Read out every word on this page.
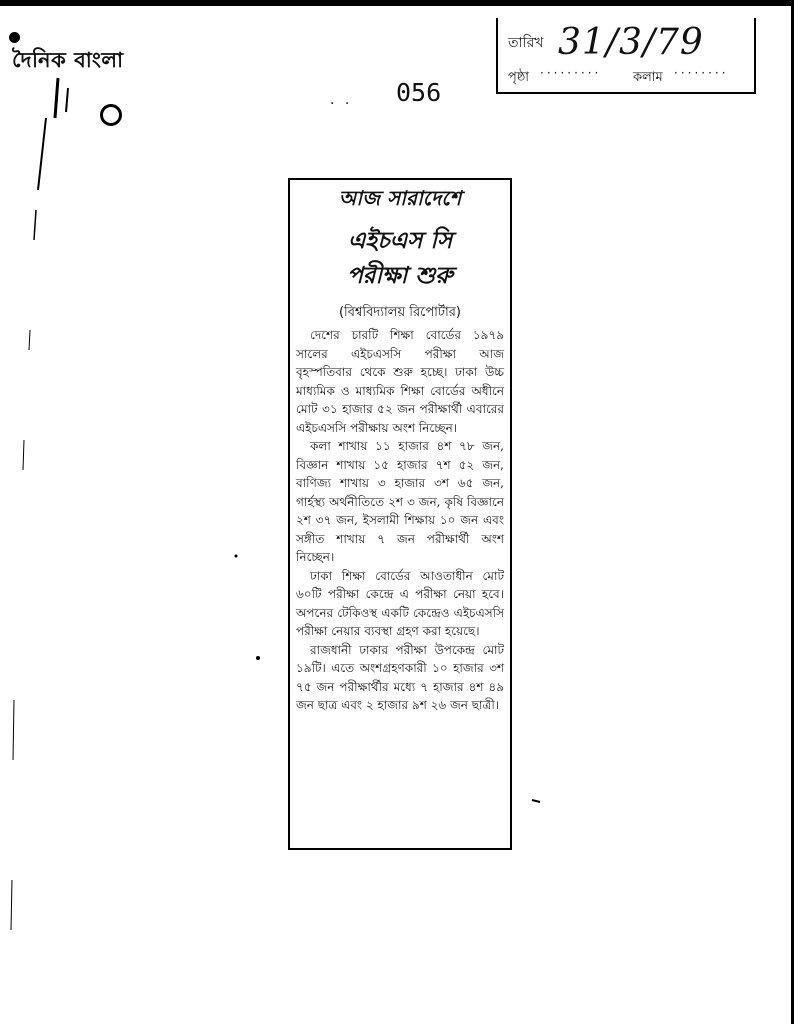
দৈনিক বাংলা
· · 056
তারিখ 31/3/79
পৃষ্ঠা ········· কলাম ········
আজ সারাদেশে
এইচএস সি
পরীক্ষা শুরু
(বিশ্ববিদ্যালয় রিপোর্টার)

দেশের চারটি শিক্ষা বোর্ডের ১৯৭৯ সালের এইচএসসি পরীক্ষা আজ বৃহস্পতিবার থেকে শুরু হচ্ছে। ঢাকা উচ্চ মাধ্যমিক ও মাধ্যমিক শিক্ষা বোর্ডের অধীনে মোট ৩১ হাজার ৫২ জন পরীক্ষার্থী এবারের এইচএসসি পরীক্ষায় অংশ নিচ্ছেন।

কলা শাখায় ১১ হাজার ৪শ ৭৮ জন, বিজ্ঞান শাখায় ১৫ হাজার ৭শ ৫২ জন, বাণিজ্য শাখায় ৩ হাজার ৩শ ৬৫ জন, গার্হস্থ্য অর্থনীতিতে ২শ ৩ জন, কৃষি বিজ্ঞানে ২শ ৩৭ জন, ইসলামী শিক্ষায় ১০ জন এবং সঙ্গীত শাখায় ৭ জন পরীক্ষার্থী অংশ নিচ্ছেন।

ঢাকা শিক্ষা বোর্ডের আওতাধীন মোট ৬০টি পরীক্ষা কেন্দ্রে এ পরীক্ষা নেয়া হবে। অপনের টেকিওস্থ একটি কেন্দ্রেও এইচএসসি পরীক্ষা নেয়ার ব্যবস্থা গ্রহণ করা হয়েছে।

রাজধানী ঢাকার পরীক্ষা উপকেন্দ্র মোট ১৯টি। এতে অংশগ্রহণকারী ১০ হাজার ৩শ ৭৫ জন পরীক্ষার্থীর মধ্যে ৭ হাজার ৪শ ৪৯ জন ছাত্র এবং ২ হাজার ৯শ ২৬ জন ছাত্রী।
